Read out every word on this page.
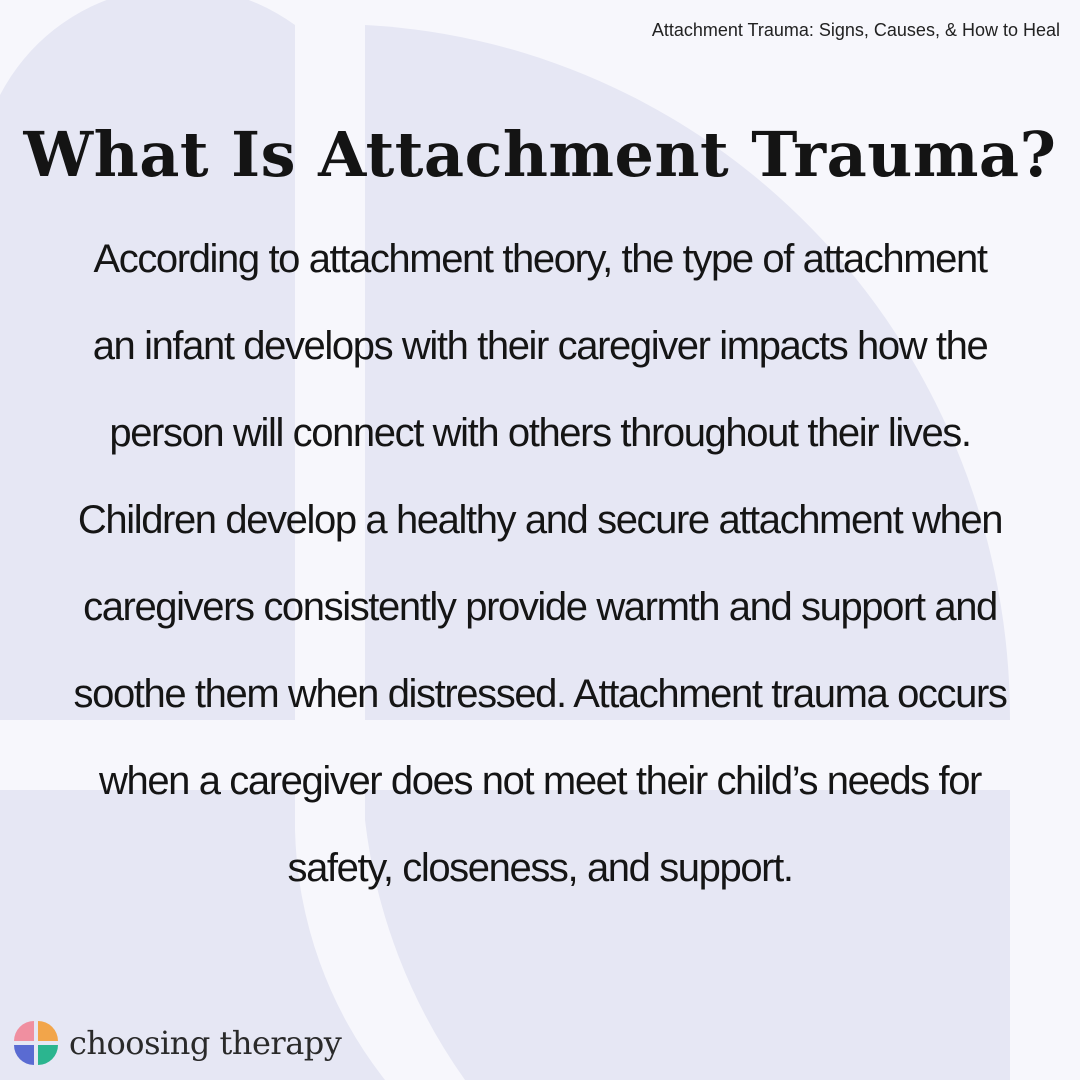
Attachment Trauma: Signs, Causes, & How to Heal
What Is Attachment Trauma?

According to attachment theory, the type of attachment an infant develops with their caregiver impacts how the person will connect with others throughout their lives. Children develop a healthy and secure attachment when caregivers consistently provide warmth and support and soothe them when distressed. Attachment trauma occurs when a caregiver does not meet their child’s needs for safety, closeness, and support.

choosing therapy
